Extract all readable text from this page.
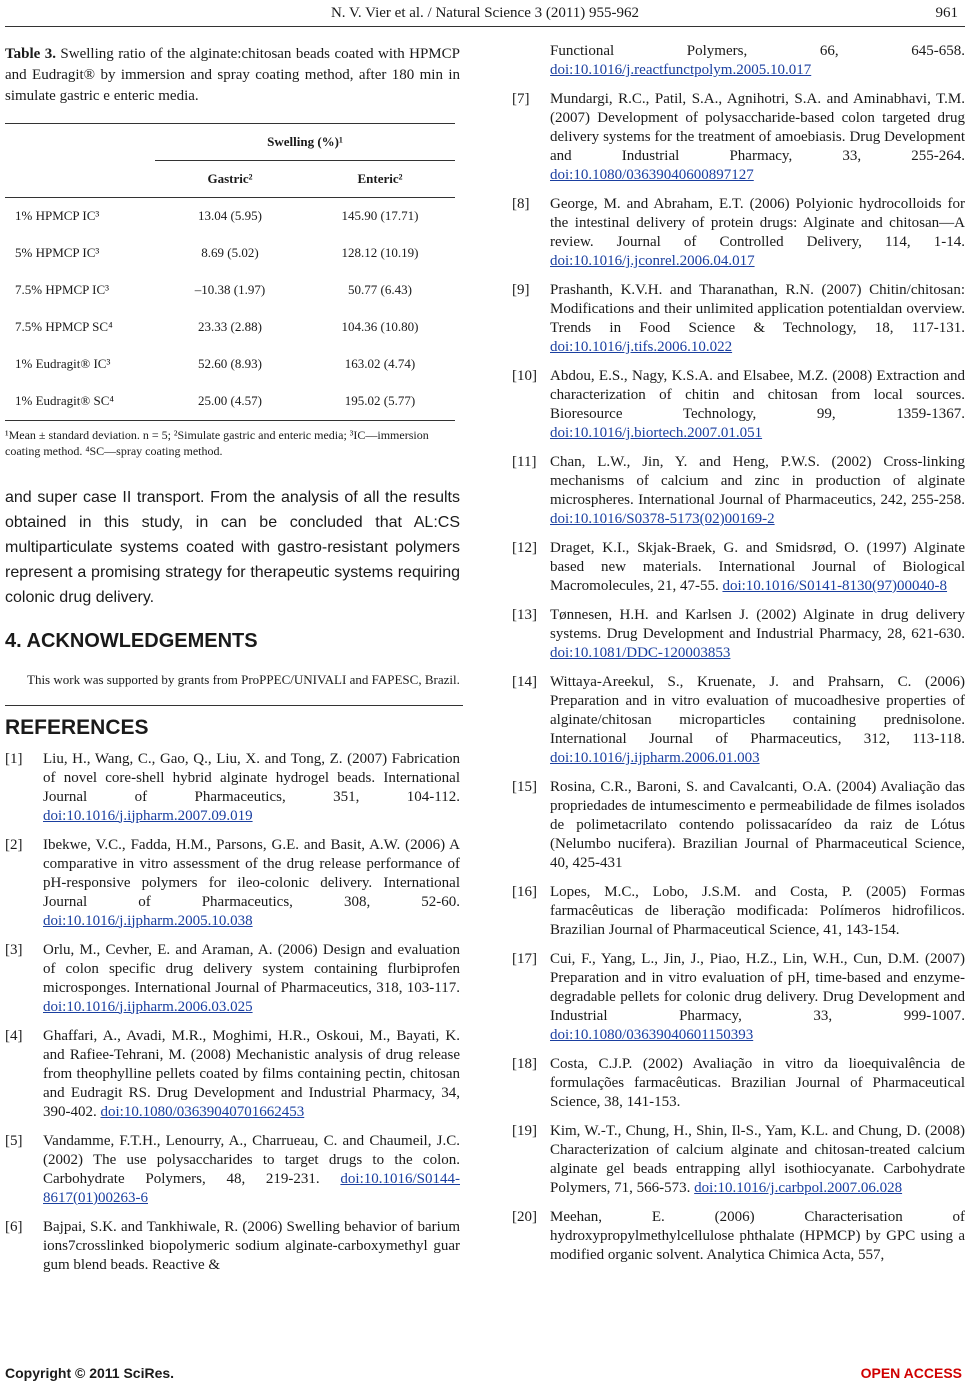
N. V. Vier et al. / Natural Science 3 (2011) 955-962	961

Table 3. Swelling ratio of the alginate:chitosan beads coated with HPMCP and Eudragit® by immersion and spray coating method, after 180 min in simulate gastric e enteric media.

	Swelling (%)¹	
	Gastric²	Enteric²
1% HPMCP IC³	13.04 (5.95)	145.90 (17.71)
5% HPMCP IC³	8.69 (5.02)	128.12 (10.19)
7.5% HPMCP IC³	–10.38 (1.97)	50.77 (6.43)
7.5% HPMCP SC⁴	23.33 (2.88)	104.36 (10.80)
1% Eudragit® IC³	52.60 (8.93)	163.02 (4.74)
1% Eudragit® SC⁴	25.00 (4.57)	195.02 (5.77)
¹Mean ± standard deviation. n = 5; ²Simulate gastric and enteric media; ³IC—immersion coating method. ⁴SC—spray coating method.
and super case II transport. From the analysis of all the results obtained in this study, in can be concluded that AL:CS multiparticulate systems coated with gastro-resistant polymers represent a promising strategy for therapeutic systems requiring colonic drug delivery.
4. ACKNOWLEDGEMENTS
This work was supported by grants from ProPPEC/UNIVALI and FAPESC, Brazil.
REFERENCES
[1]	Liu, H., Wang, C., Gao, Q., Liu, X. and Tong, Z. (2007) Fabrication of novel core-shell hybrid alginate hydrogel beads. International Journal of Pharmaceutics, 351, 104-112. doi:10.1016/j.ijpharm.2007.09.019
[2]	Ibekwe, V.C., Fadda, H.M., Parsons, G.E. and Basit, A.W. (2006) A comparative in vitro assessment of the drug release performance of pH-responsive polymers for ileo-colonic delivery. International Journal of Pharmaceutics, 308, 52-60. doi:10.1016/j.ijpharm.2005.10.038
[3]	Orlu, M., Cevher, E. and Araman, A. (2006) Design and evaluation of colon specific drug delivery system containing flurbiprofen microsponges. International Journal of Pharmaceutics, 318, 103-117. doi:10.1016/j.ijpharm.2006.03.025
[4]	Ghaffari, A., Avadi, M.R., Moghimi, H.R., Oskoui, M., Bayati, K. and Rafiee-Tehrani, M. (2008) Mechanistic analysis of drug release from theophylline pellets coated by films containing pectin, chitosan and Eudragit RS. Drug Development and Industrial Pharmacy, 34, 390-402. doi:10.1080/03639040701662453
[5]	Vandamme, F.T.H., Lenourry, A., Charrueau, C. and Chaumeil, J.C. (2002) The use polysaccharides to target drugs to the colon. Carbohydrate Polymers, 48, 219-231. doi:10.1016/S0144-8617(01)00263-6
[6]	Bajpai, S.K. and Tankhiwale, R. (2006) Swelling behavior of barium ions7crosslinked biopolymeric sodium alginate-carboxymethyl guar gum blend beads. Reactive &
Functional Polymers, 66, 645-658. doi:10.1016/j.reactfunctpolym.2005.10.017
[7]	Mundargi, R.C., Patil, S.A., Agnihotri, S.A. and Aminabhavi, T.M. (2007) Development of polysaccharide-based colon targeted drug delivery systems for the treatment of amoebiasis. Drug Development and Industrial Pharmacy, 33, 255-264. doi:10.1080/03639040600897127
[8]	George, M. and Abraham, E.T. (2006) Polyionic hydrocolloids for the intestinal delivery of protein drugs: Alginate and chitosan—A review. Journal of Controlled Delivery, 114, 1-14. doi:10.1016/j.jconrel.2006.04.017
[9]	Prashanth, K.V.H. and Tharanathan, R.N. (2007) Chitin/chitosan: Modifications and their unlimited application potentialdan overview. Trends in Food Science & Technology, 18, 117-131. doi:10.1016/j.tifs.2006.10.022
[10] Abdou, E.S., Nagy, K.S.A. and Elsabee, M.Z. (2008) Extraction and characterization of chitin and chitosan from local sources. Bioresource Technology, 99, 1359-1367. doi:10.1016/j.biortech.2007.01.051
[11] Chan, L.W., Jin, Y. and Heng, P.W.S. (2002) Cross-linking mechanisms of calcium and zinc in production of alginate microspheres. International Journal of Pharmaceutics, 242, 255-258. doi:10.1016/S0378-5173(02)00169-2
[12] Draget, K.I., Skjak-Braek, G. and Smidsrød, O. (1997) Alginate based new materials. International Journal of Biological Macromolecules, 21, 47-55. doi:10.1016/S0141-8130(97)00040-8
[13] Tønnesen, H.H. and Karlsen J. (2002) Alginate in drug delivery systems. Drug Development and Industrial Pharmacy, 28, 621-630. doi:10.1081/DDC-120003853
[14] Wittaya-Areekul, S., Kruenate, J. and Prahsarn, C. (2006) Preparation and in vitro evaluation of mucoadhesive properties of alginate/chitosan microparticles containing prednisolone. International Journal of Pharmaceutics, 312, 113-118. doi:10.1016/j.ijpharm.2006.01.003
[15] Rosina, C.R., Baroni, S. and Cavalcanti, O.A. (2004) Avaliação das propriedades de intumescimento e permeabilidade de filmes isolados de polimetacrilato contendo polissacarídeo da raiz de Lótus (Nelumbo nucifera). Brazilian Journal of Pharmaceutical Science, 40, 425-431
[16] Lopes, M.C., Lobo, J.S.M. and Costa, P. (2005) Formas farmacêuticas de liberação modificada: Polímeros hidrofilicos. Brazilian Journal of Pharmaceutical Science, 41, 143-154.
[17] Cui, F., Yang, L., Jin, J., Piao, H.Z., Lin, W.H., Cun, D.M. (2007) Preparation and in vitro evaluation of pH, time-based and enzyme-degradable pellets for colonic drug delivery. Drug Development and Industrial Pharmacy, 33, 999-1007. doi:10.1080/03639040601150393
[18] Costa, C.J.P. (2002) Avaliação in vitro da lioequivalência de formulações farmacêuticas. Brazilian Journal of Pharmaceutical Science, 38, 141-153.
[19] Kim, W.-T., Chung, H., Shin, Il-S., Yam, K.L. and Chung, D. (2008) Characterization of calcium alginate and chitosan-treated calcium alginate gel beads entrapping allyl isothiocyanate. Carbohydrate Polymers, 71, 566-573. doi:10.1016/j.carbpol.2007.06.028
[20] Meehan, E. (2006) Characterisation of hydroxypropylmethylcellulose phthalate (HPMCP) by GPC using a modified organic solvent. Analytica Chimica Acta, 557,
Copyright © 2011 SciRes.	OPEN ACCESS
